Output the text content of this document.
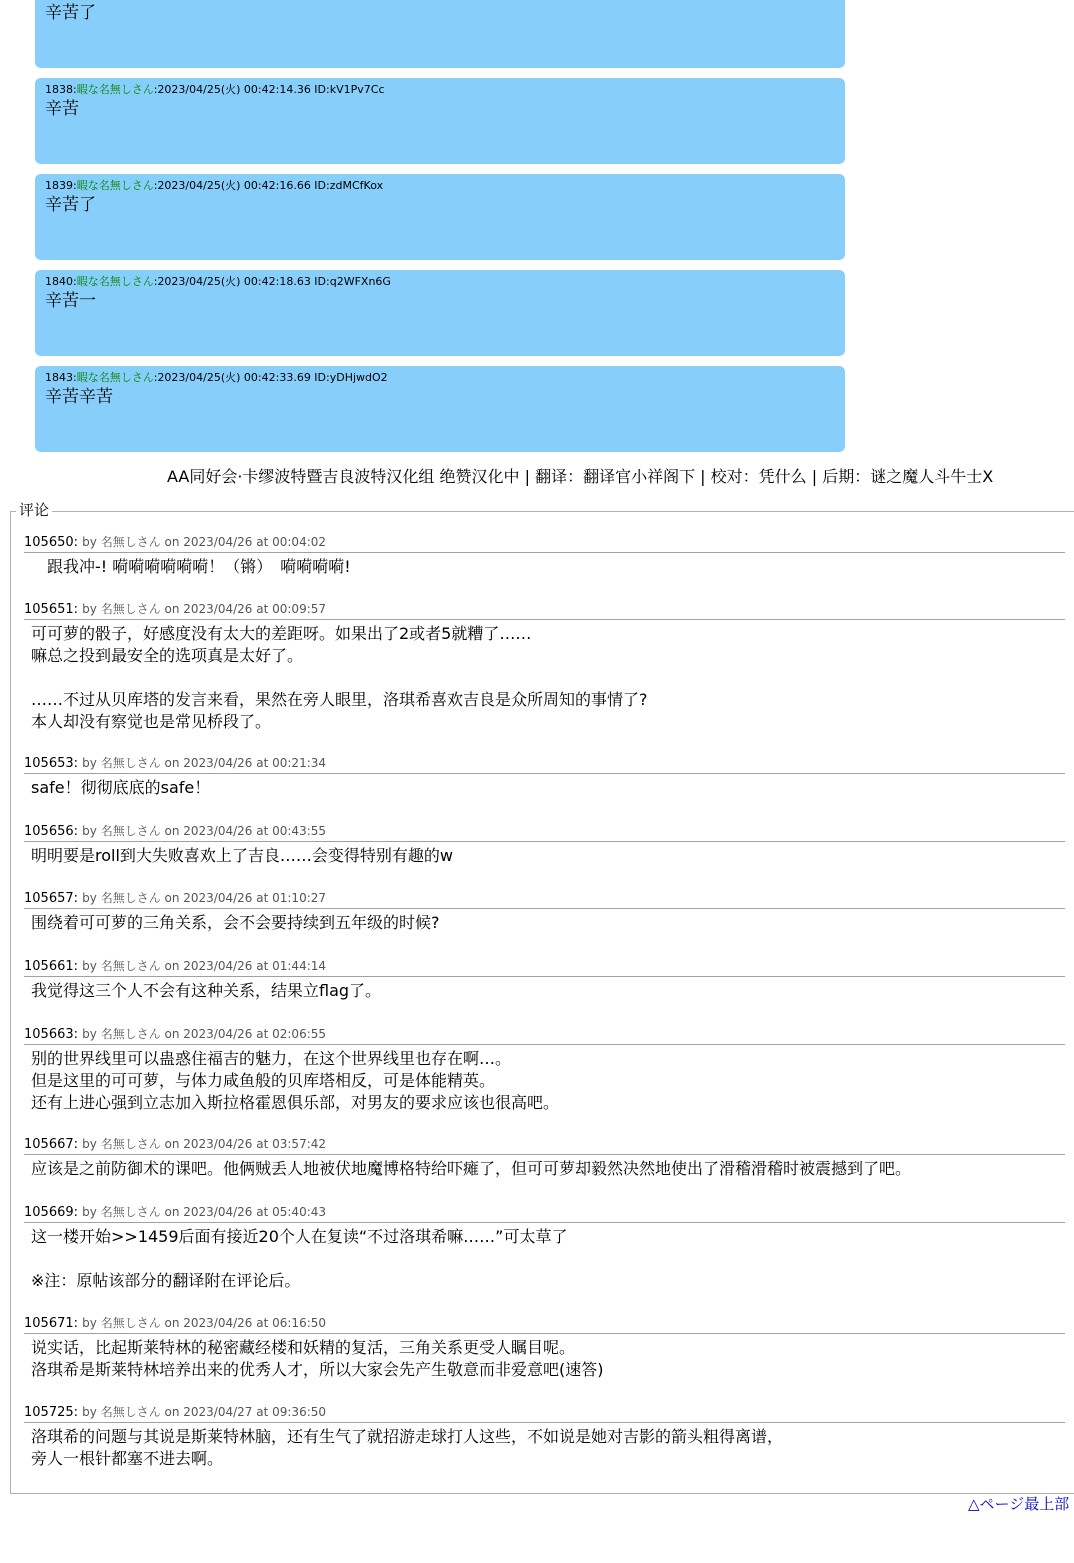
辛苦了
1838:暇な名無しさん:2023/04/25(火) 00:42:14.36 ID:kV1Pv7Cc
辛苦
1839:暇な名無しさん:2023/04/25(火) 00:42:16.66 ID:zdMCfKox
辛苦了
1840:暇な名無しさん:2023/04/25(火) 00:42:18.63 ID:q2WFXn6G
辛苦一
1843:暇な名無しさん:2023/04/25(火) 00:42:33.69 ID:yDHjwdO2
辛苦辛苦
AA同好会·卡缪波特暨吉良波特汉化组 绝赞汉化中 | 翻译：翻译官小祥阁下 | 校对：凭什么 | 后期：谜之魔人斗牛士X
评论
105650: by 名無しさん on 2023/04/26 at 00:04:02
　跟我冲-! 嗬嗬嗬嗬嗬嗬！（锵）　嗬嗬嗬嗬!
105651: by 名無しさん on 2023/04/26 at 00:09:57
可可萝的骰子，好感度没有太大的差距呀。如果出了2或者5就糟了……
嘛总之投到最安全的选项真是太好了。
……不过从贝库塔的发言来看，果然在旁人眼里，洛琪希喜欢吉良是众所周知的事情了?
本人却没有察觉也是常见桥段了。
105653: by 名無しさん on 2023/04/26 at 00:21:34
safe！彻彻底底的safe！
105656: by 名無しさん on 2023/04/26 at 00:43:55
明明要是roll到大失败喜欢上了吉良……会变得特别有趣的w
105657: by 名無しさん on 2023/04/26 at 01:10:27
围绕着可可萝的三角关系，会不会要持续到五年级的时候?
105661: by 名無しさん on 2023/04/26 at 01:44:14
我觉得这三个人不会有这种关系，结果立flag了。
105663: by 名無しさん on 2023/04/26 at 02:06:55
别的世界线里可以蛊惑住福吉的魅力，在这个世界线里也存在啊…。
但是这里的可可萝，与体力咸鱼般的贝库塔相反，可是体能精英。
还有上进心强到立志加入斯拉格霍恩俱乐部，对男友的要求应该也很高吧。
105667: by 名無しさん on 2023/04/26 at 03:57:42
应该是之前防御术的课吧。他俩贼丢人地被伏地魔博格特给吓瘫了，但可可萝却毅然决然地使出了滑稽滑稽时被震撼到了吧。
105669: by 名無しさん on 2023/04/26 at 05:40:43
这一楼开始>>1459后面有接近20个人在复读“不过洛琪希嘛……”可太草了
※注：原帖该部分的翻译附在评论后。
105671: by 名無しさん on 2023/04/26 at 06:16:50
说实话，比起斯莱特林的秘密藏经楼和妖精的复活，三角关系更受人瞩目呢。
洛琪希是斯莱特林培养出来的优秀人才，所以大家会先产生敬意而非爱意吧(速答)
105725: by 名無しさん on 2023/04/27 at 09:36:50
洛琪希的问题与其说是斯莱特林脑，还有生气了就招游走球打人这些，不如说是她对吉影的箭头粗得离谱，
旁人一根针都塞不进去啊。
△ページ最上部
